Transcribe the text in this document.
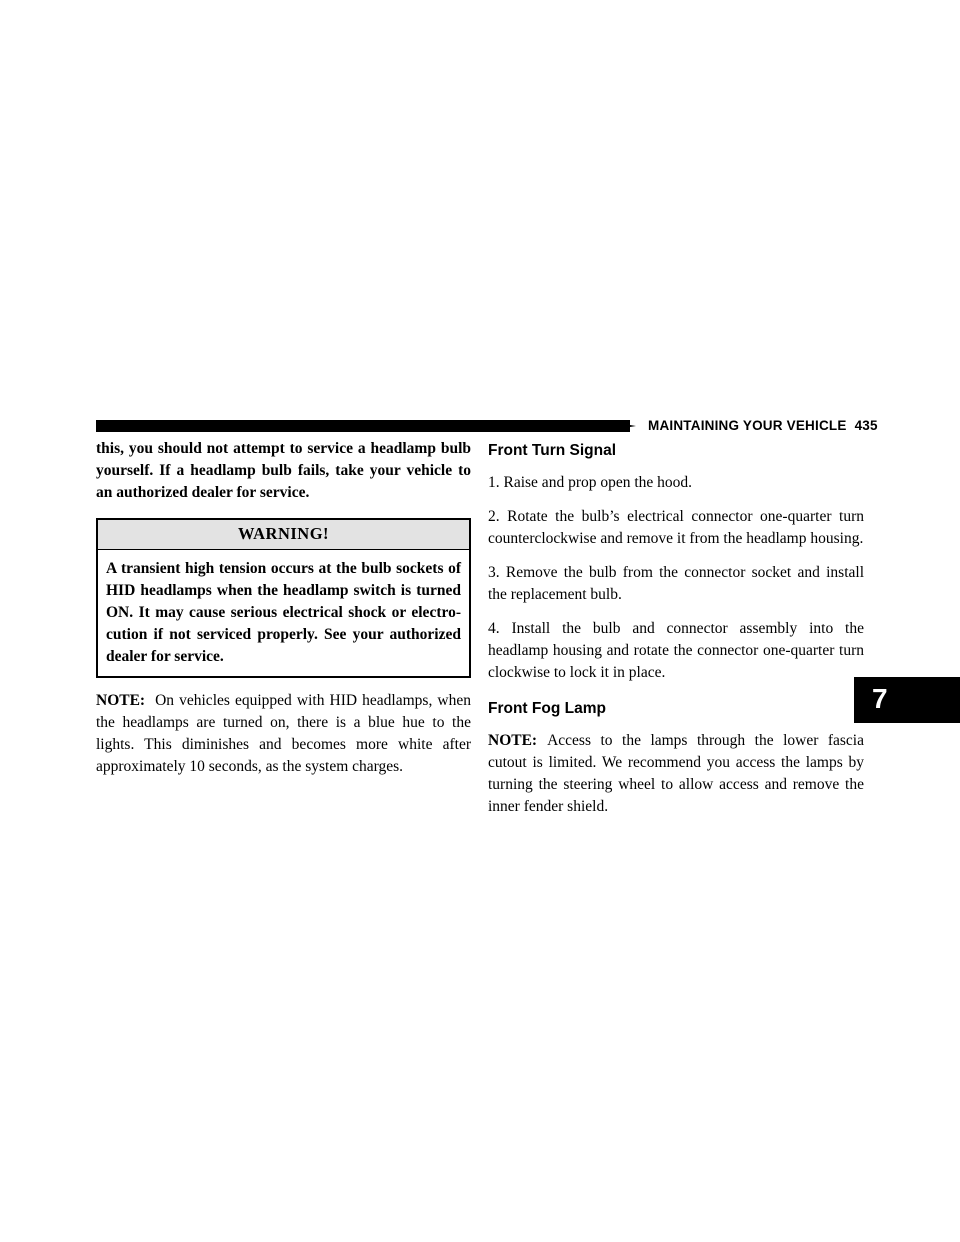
MAINTAINING YOUR VEHICLE 435

this, you should not attempt to service a headlamp bulb yourself. If a headlamp bulb fails, take your vehicle to an authorized dealer for service.

WARNING!

A transient high tension occurs at the bulb sockets of HID headlamps when the headlamp switch is turned ON. It may cause serious electrical shock or electro-cution if not serviced properly. See your authorized dealer for service.

NOTE: On vehicles equipped with HID headlamps, when the headlamps are turned on, there is a blue hue to the lights. This diminishes and becomes more white after approximately 10 seconds, as the system charges.

Front Turn Signal

1. Raise and prop open the hood.

2. Rotate the bulb’s electrical connector one-quarter turn counterclockwise and remove it from the headlamp housing.

3. Remove the bulb from the connector socket and install the replacement bulb.

4. Install the bulb and connector assembly into the headlamp housing and rotate the connector one-quarter turn clockwise to lock it in place.

Front Fog Lamp

NOTE: Access to the lamps through the lower fascia cutout is limited. We recommend you access the lamps by turning the steering wheel to allow access and remove the inner fender shield.

7
